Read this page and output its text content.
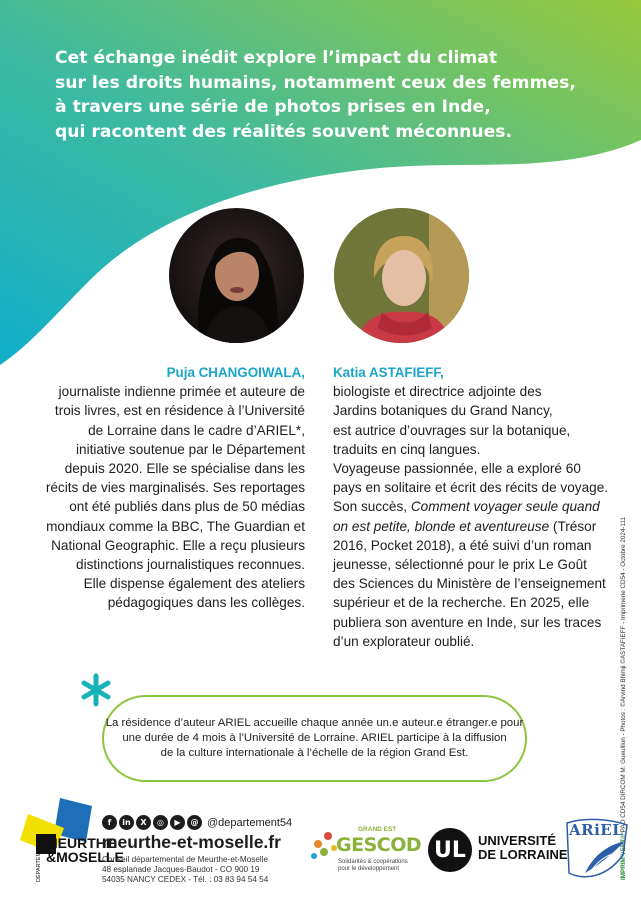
Cet échange inédit explore l’impact du climat
sur les droits humains, notamment ceux des femmes,
à travers une série de photos prises en Inde,
qui racontent des réalités souvent méconnues.
Puja CHANGOIWALA,
journaliste indienne primée et auteure de
trois livres, est en résidence à l’Université
de Lorraine dans le cadre d’ARIEL*,
initiative soutenue par le Département
depuis 2020. Elle se spécialise dans les
récits de vies marginalisés. Ses reportages
ont été publiés dans plus de 50 médias
mondiaux comme la BBC, The Guardian et
National Geographic. Elle a reçu plusieurs
distinctions journalistiques reconnues.
Elle dispense également des ateliers
pédagogiques dans les collèges.
Katia ASTAFIEFF,
biologiste et directrice adjointe des
Jardins botaniques du Grand Nancy,
est autrice d’ouvrages sur la botanique,
traduits en cinq langues.
Voyageuse passionnée, elle a exploré 60
pays en solitaire et écrit des récits de voyage.
Son succès, Comment voyager seule quand
on est petite, blonde et aventureuse (Trésor
2016, Pocket 2018), a été suivi d’un roman
jeunesse, sélectionné pour le prix Le Goût
des Sciences du Ministère de l’enseignement
supérieur et de la recherche. En 2025, elle
publiera son aventure en Inde, sur les traces
d’un explorateur oublié.
IMPRIM’VERT® PAO CD54 DIRCOM M. Gueullion - Photos : ©Arvind Bhimji ©ASTAFIEFF - Imprimerie CD54 - Octobre 2024-111
La résidence d’auteur ARIEL accueille chaque année un.e auteur.e étranger.e pour
une durée de 4 mois à l’Université de Lorraine. ARIEL participe à la diffusion
de la culture internationale à l’échelle de la région Grand Est.
MEURTHE
&MOSELLE
DÉPARTEMENT
f	in	X	◎	▶	@ @departement54
meurthe-et-moselle.fr
Conseil départemental de Meurthe-et-Moselle
48 esplanade Jacques-Baudot - CO 900 19
54035 NANCY CEDEX - Tél. : 03 83 94 54 54
GRAND EST
GESCOD
Solidarités & coopérations
pour le développement
UL UNIVERSITÉ
DE LORRAINE
ARiEL
